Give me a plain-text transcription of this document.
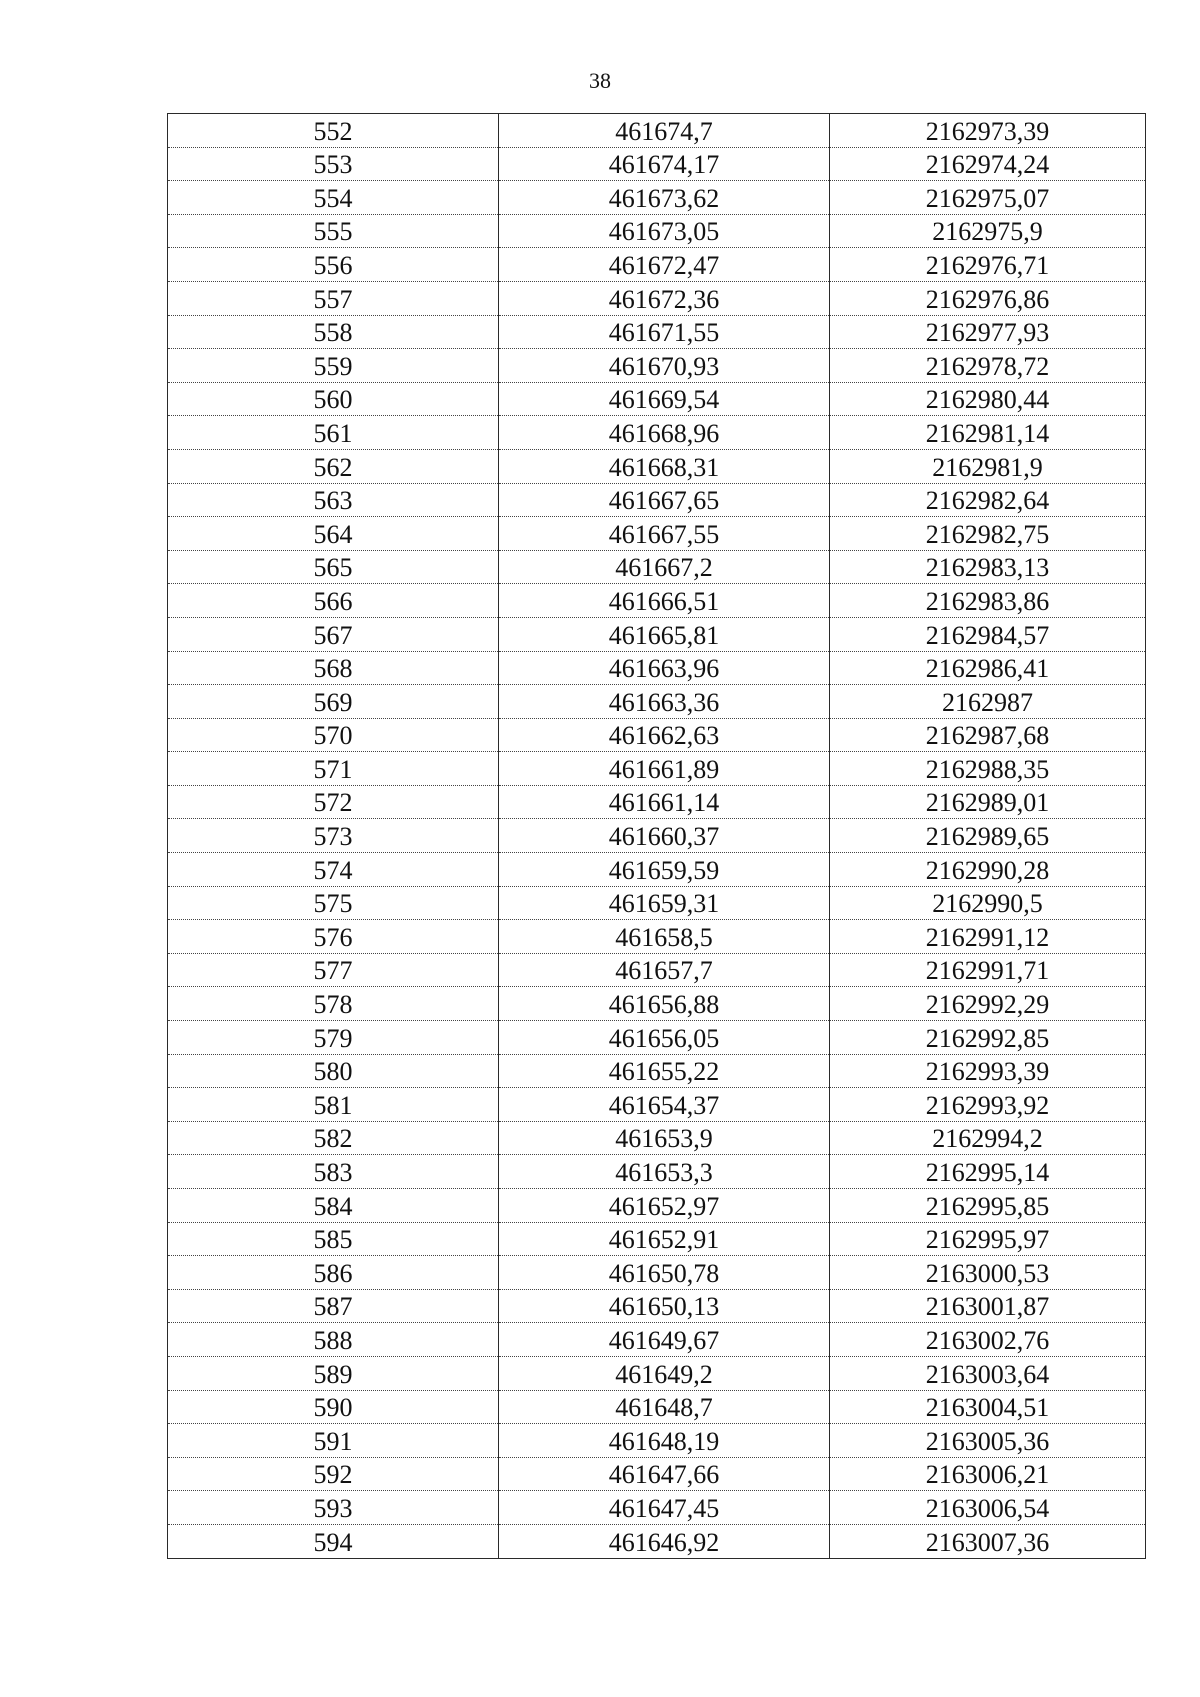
38
552	461674,7	2162973,39
553	461674,17	2162974,24
554	461673,62	2162975,07
555	461673,05	2162975,9
556	461672,47	2162976,71
557	461672,36	2162976,86
558	461671,55	2162977,93
559	461670,93	2162978,72
560	461669,54	2162980,44
561	461668,96	2162981,14
562	461668,31	2162981,9
563	461667,65	2162982,64
564	461667,55	2162982,75
565	461667,2	2162983,13
566	461666,51	2162983,86
567	461665,81	2162984,57
568	461663,96	2162986,41
569	461663,36	2162987
570	461662,63	2162987,68
571	461661,89	2162988,35
572	461661,14	2162989,01
573	461660,37	2162989,65
574	461659,59	2162990,28
575	461659,31	2162990,5
576	461658,5	2162991,12
577	461657,7	2162991,71
578	461656,88	2162992,29
579	461656,05	2162992,85
580	461655,22	2162993,39
581	461654,37	2162993,92
582	461653,9	2162994,2
583	461653,3	2162995,14
584	461652,97	2162995,85
585	461652,91	2162995,97
586	461650,78	2163000,53
587	461650,13	2163001,87
588	461649,67	2163002,76
589	461649,2	2163003,64
590	461648,7	2163004,51
591	461648,19	2163005,36
592	461647,66	2163006,21
593	461647,45	2163006,54
594	461646,92	2163007,36
